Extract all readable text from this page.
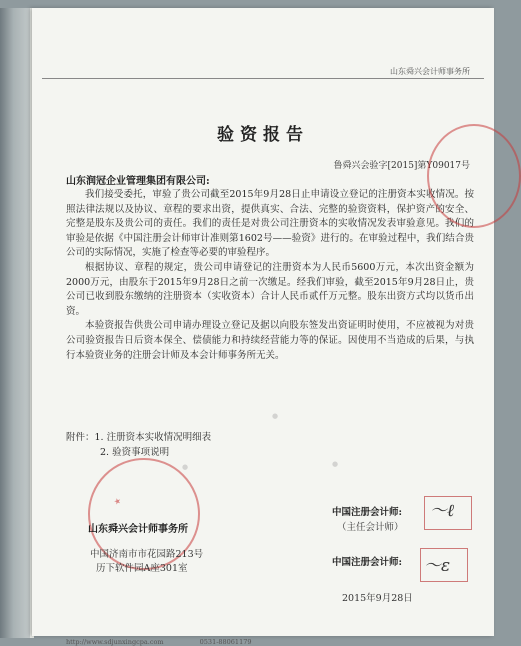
山东舜兴会计师事务所
验资报告
鲁舜兴会验字[2015]第Y09017号
山东润冠企业管理集团有限公司:

我们接受委托，审验了贵公司截至2015年9月28日止申请设立登记的注册资本实收情况。按照法律法规以及协议、章程的要求出资，提供真实、合法、完整的验资资料，保护资产的安全、完整是股东及贵公司的责任。我们的责任是对贵公司注册资本的实收情况发表审验意见。我们的审验是依据《中国注册会计师审计准则第1602号——验资》进行的。在审验过程中，我们结合贵公司的实际情况，实施了检查等必要的审验程序。

根据协议、章程的规定，贵公司申请登记的注册资本为人民币5600万元，本次出资金额为2000万元，由股东于2015年9月28日之前一次缴足。经我们审验，截至2015年9月28日止，贵公司已收到股东缴纳的注册资本（实收资本）合计人民币贰仟万元整。股东出资方式均以货币出资。

本验资报告供贵公司申请办理设立登记及据以向股东签发出资证明时使用，不应被视为对贵公司验资报告日后资本保全、偿债能力和持续经营能力等的保证。因使用不当造成的后果，与执行本验资业务的注册会计师及本会计师事务所无关。

附件：1. 注册资本实收情况明细表
2. 验资事项说明
⭑	〜ℓ
〜ɛ
山东舜兴会计师事务所
中国济南市市花园路213号
历下软件园A座301室
中国注册会计师:
（主任会计师）
中国注册会计师:
2015年9月28日
●
●	●
http://www.sdjunxingcpa.com	0531-88061179
